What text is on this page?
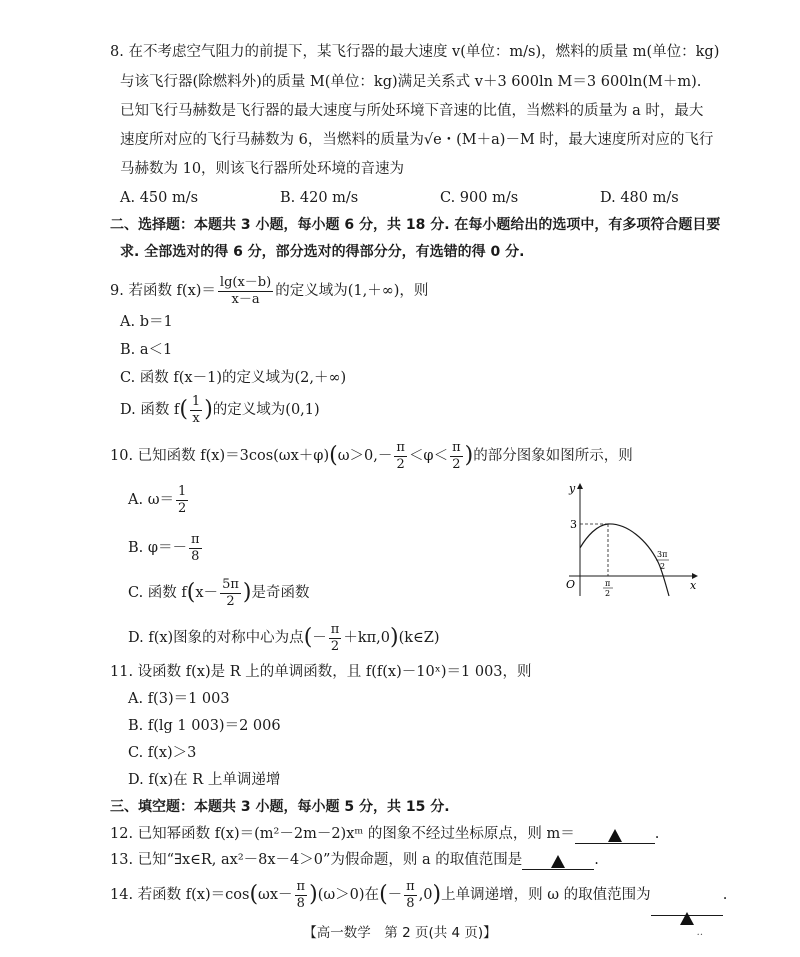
8. 在不考虑空气阻力的前提下，某飞行器的最大速度 v(单位：m/s)，燃料的质量 m(单位：kg)
与该飞行器(除燃料外)的质量 M(单位：kg)满足关系式 v＋3 600ln M＝3 600ln(M＋m).
已知飞行马赫数是飞行器的最大速度与所处环境下音速的比值，当燃料的质量为 a 时，最大
速度所对应的飞行马赫数为 6，当燃料的质量为√e・(M＋a)－M 时，最大速度所对应的飞行
马赫数为 10，则该飞行器所处环境的音速为
A. 450 m/s	B. 420 m/s	C. 900 m/s	D. 480 m/s
二、选择题：本题共 3 小题，每小题 6 分，共 18 分. 在每小题给出的选项中，有多项符合题目要
求. 全部选对的得 6 分，部分选对的得部分分，有选错的得 0 分.
9. 若函数 $f(x)= \frac{\lg(x-b)}{x-a}$ 的定义域为(1,＋∞)，则
A. b＝1
B. a＜1
C. 函数 f(x－1)的定义域为(2,＋∞)
D. 函数 $f( \frac{1}{x}$ )的定义域为(0,1)
10. 已知函数 $f(x)=3\cos(\omega x+\varphi)(\omega>0,- \frac{\pi}{2} <\varphi< \frac{\pi}{2}$ )的部分图象如图所示，则
A. $\omega= \frac{1}{2}$
B. $\varphi=- \frac{\pi}{8}$
C. 函数 $f(x- \frac{5\pi}{2}$ )是奇函数
D. f(x)图象的对称中心为点(－ $\frac{\pi}{2}$ ＋kπ,0)(k∈Z)
y
x
O
3
π
2
3π
2
11. 设函数 f(x)是 R 上的单调函数，且 f(f(x)－10ˣ)＝1 003，则
A. f(3)＝1 003
B. f(lg 1 003)＝2 006
C. f(x)＞3
D. f(x)在 R 上单调递增
三、填空题：本题共 3 小题，每小题 5 分，共 15 分.
12. 已知幂函数 f(x)＝(m²－2m－2)xᵐ 的图象不经过坐标原点，则 m＝	.
13. 已知“∃x∈R, ax²－8x－4＞0”为假命题，则 a 的取值范围是	.
14. 若函数 $f(x)=\cos(\omega x- \frac{\pi}{8} )(\omega>0)$在(－ $\frac{\pi}{8} ,0$)上单调递增，则 ω 的取值范围为	.
【高一数学　第 2 页(共 4 页)】	··
